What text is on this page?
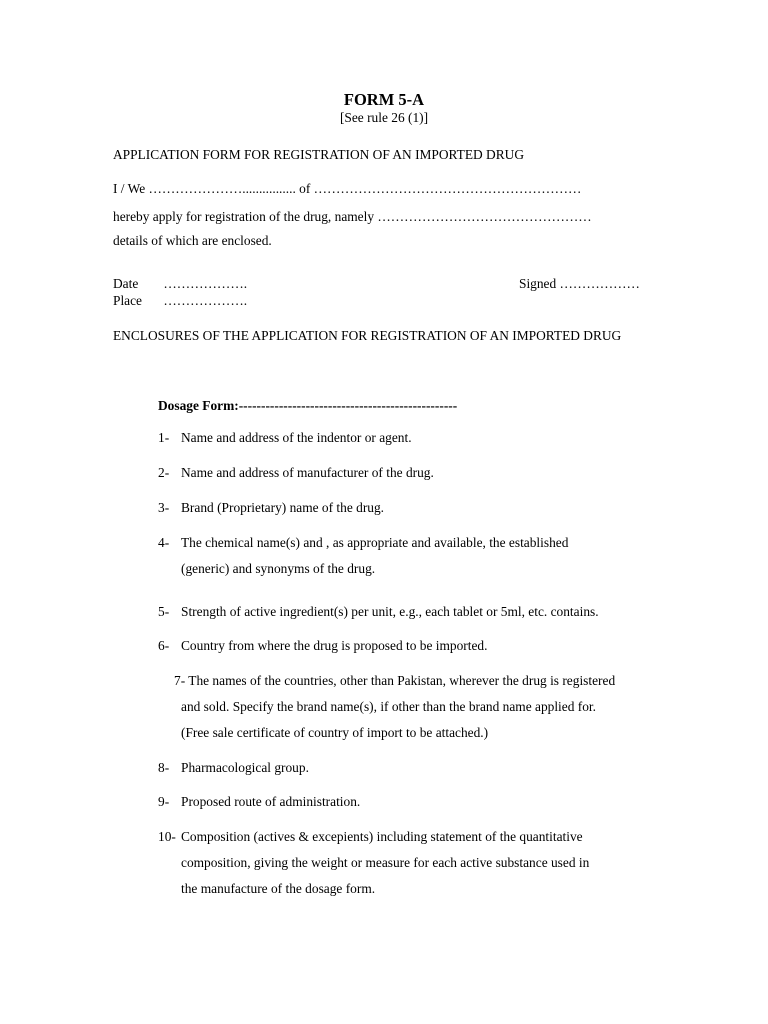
FORM 5-A
[See rule 26 (1)]
APPLICATION FORM FOR REGISTRATION OF AN IMPORTED DRUG
I / We …………………................ of ……………………………………………………
hereby apply for registration of the drug, namely …………………………………………
details of which are enclosed.
Date ……………….
Place ……………….
Signed ………………
ENCLOSURES OF THE APPLICATION FOR REGISTRATION OF AN IMPORTED DRUG
Dosage Form:-------------------------------------------------
1- Name and address of the indentor or agent.
2- Name and address of manufacturer of the drug.
3- Brand (Proprietary) name of the drug.
4- The chemical name(s) and , as appropriate and available, the established
(generic) and synonyms of the drug.
5- Strength of active ingredient(s) per unit, e.g., each tablet or 5ml, etc. contains.
6- Country from where the drug is proposed to be imported.
7- The names of the countries, other than Pakistan, wherever the drug is registered
and sold. Specify the brand name(s), if other than the brand name applied for.
(Free sale certificate of country of import to be attached.)
8- Pharmacological group.
9- Proposed route of administration.
10- Composition (actives & excepients) including statement of the quantitative
composition, giving the weight or measure for each active substance used in
the manufacture of the dosage form.
